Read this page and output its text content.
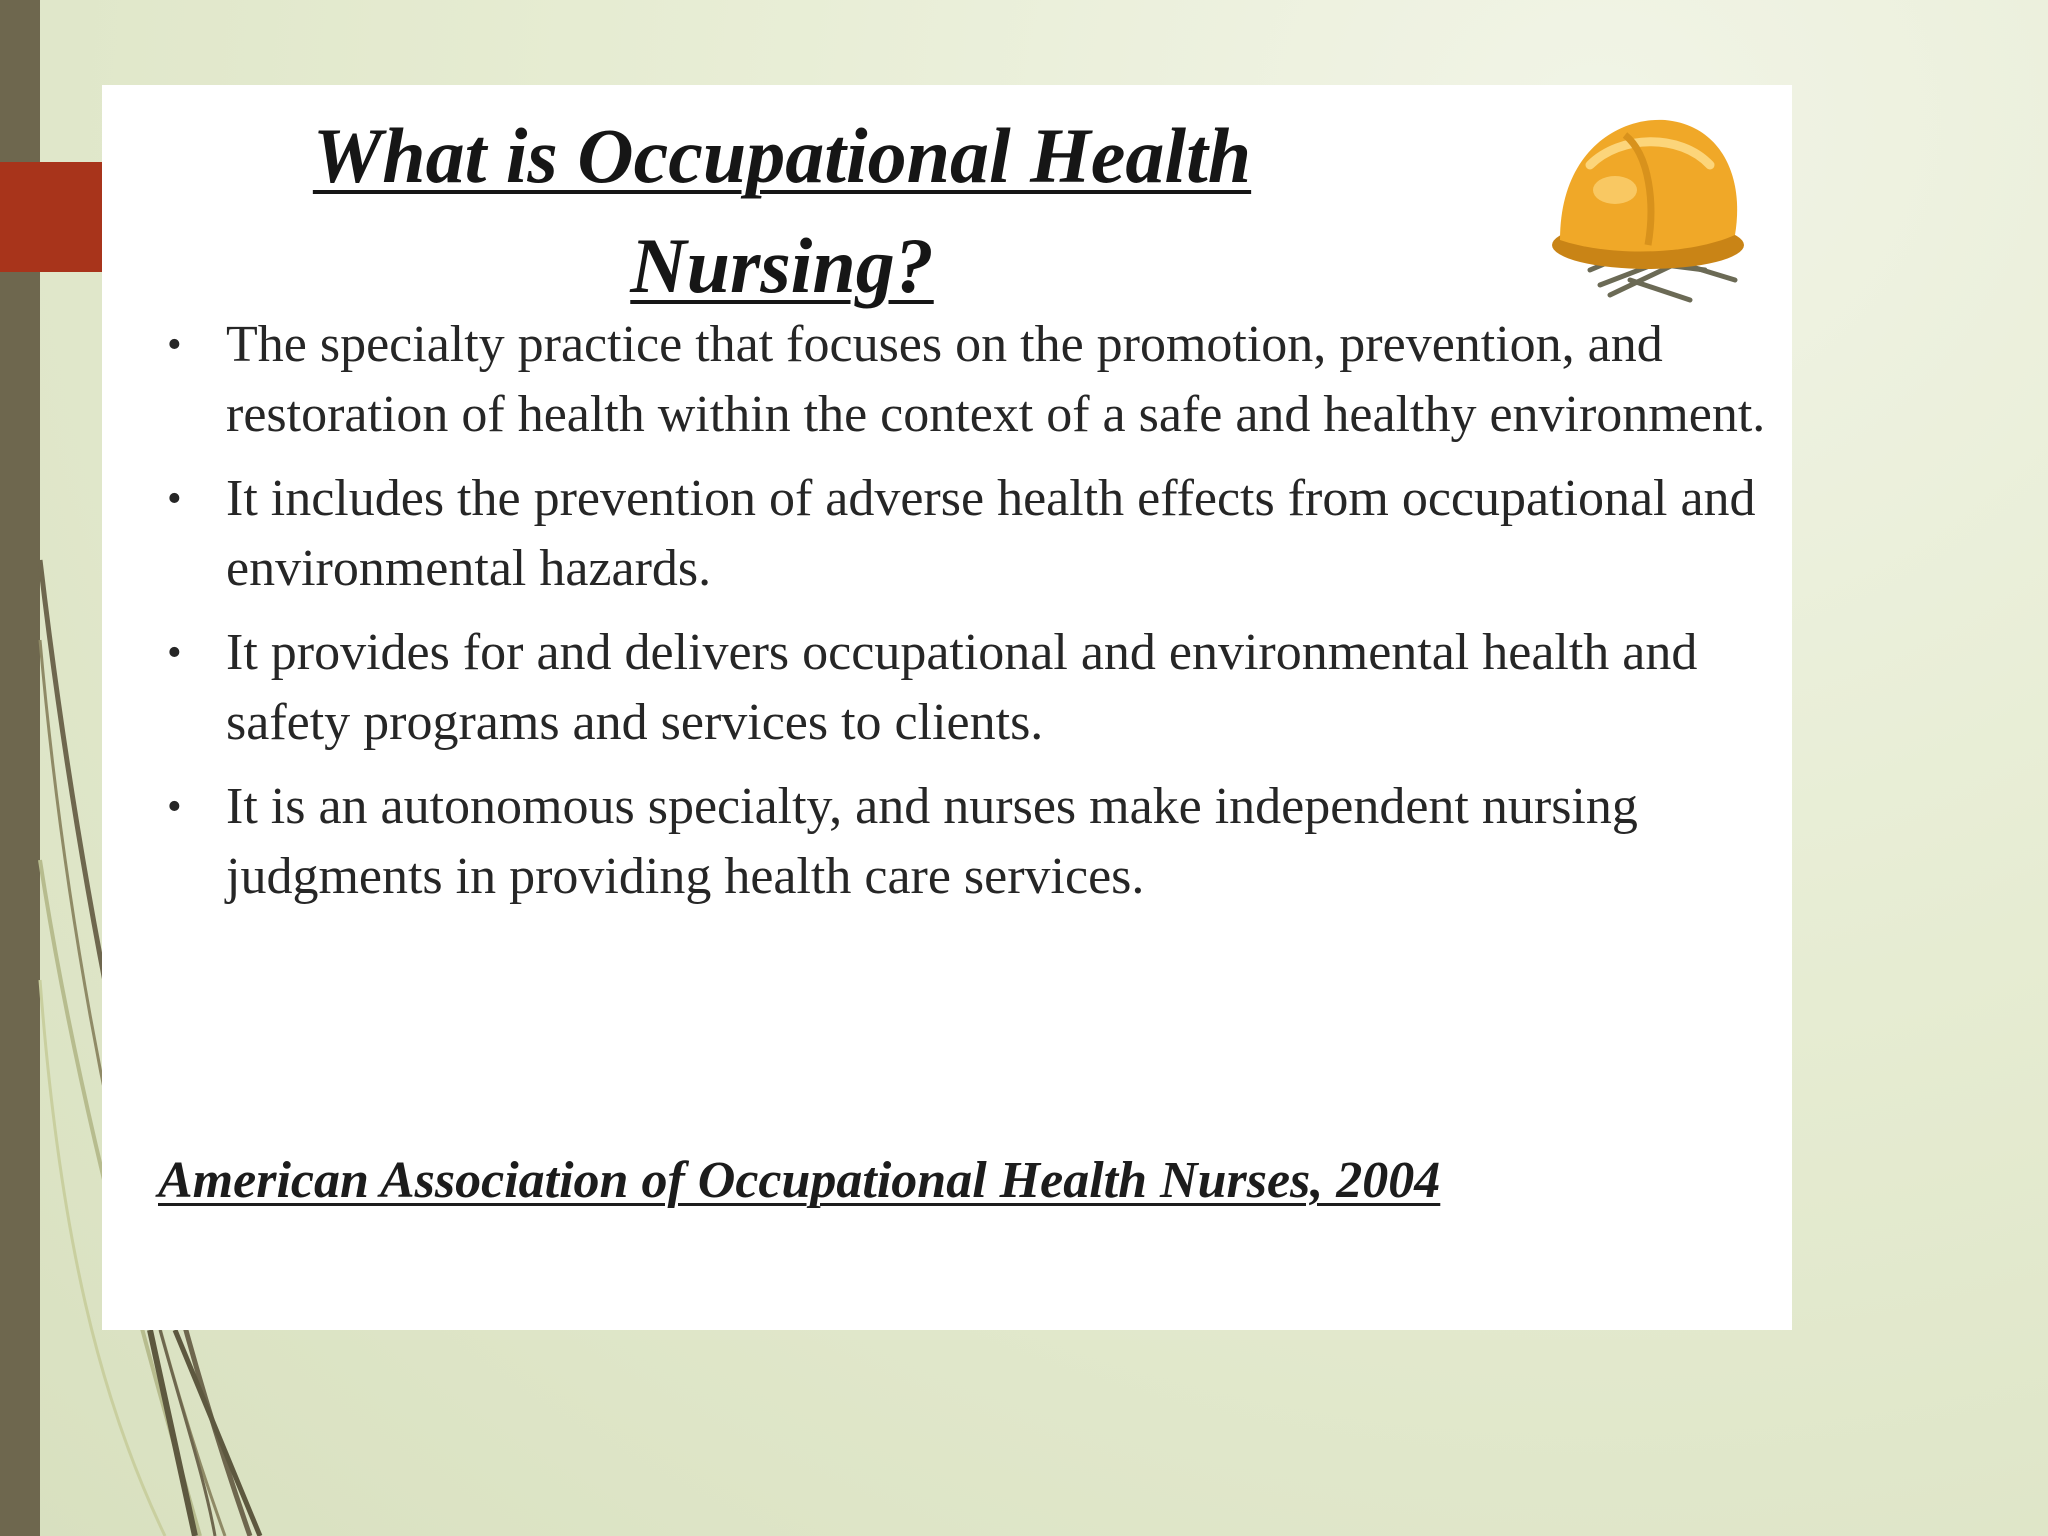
What is Occupational Health
Nursing?
• The specialty practice that focuses on the promotion, prevention, and restoration of health within the context of a safe and healthy environment.
• It includes the prevention of adverse health effects from occupational and environmental hazards.
• It provides for and delivers occupational and environmental health and safety programs and services to clients.
• It is an autonomous specialty, and nurses make independent nursing judgments in providing health care services.
American Association of Occupational Health Nurses, 2004
